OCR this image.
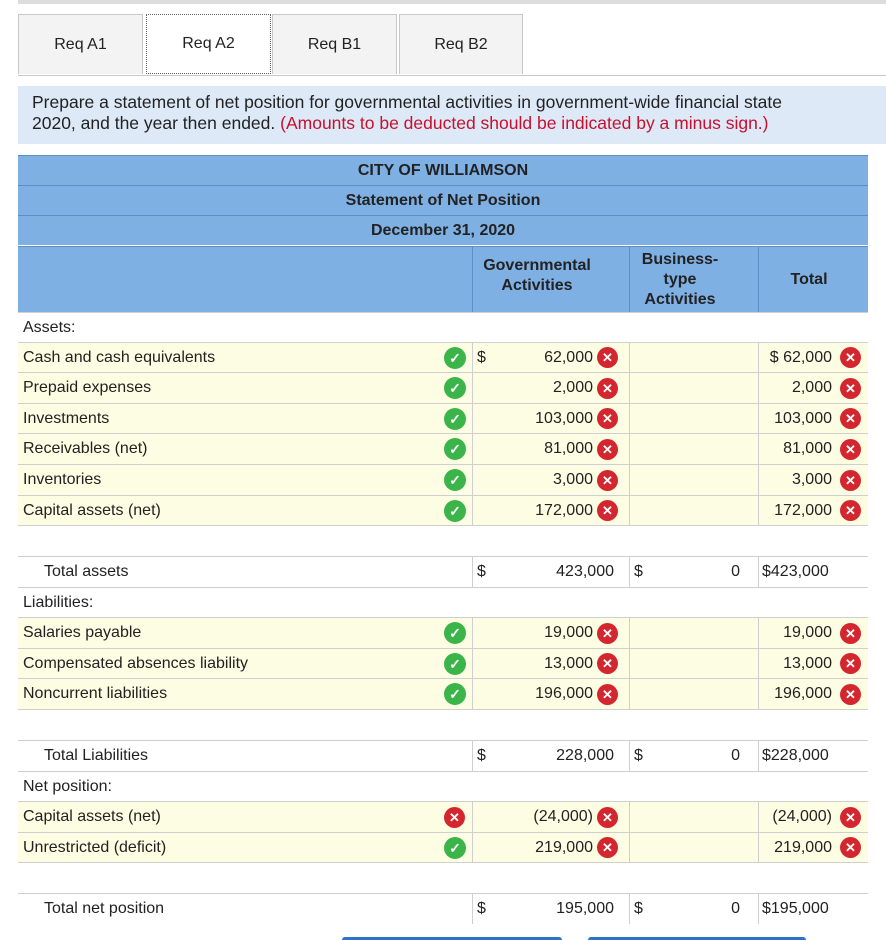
Req A1	Req A2	Req B1	Req B2
Prepare a statement of net position for governmental activities in government-wide financial state
2020, and the year then ended. (Amounts to be deducted should be indicated by a minus sign.)
CITY OF WILLIAMSON
Statement of Net Position
December 31, 2020
Governmental Activities
Business-type Activities
Total
Assets:
Cash and cash equivalents	✓	$	62,000 ✕	$ 62,000	✕
Prepaid expenses	✓	2,000 ✕	2,000	✕
Investments	✓	103,000 ✕	103,000	✕
Receivables (net)	✓	81,000 ✕	81,000	✕
Inventories	✓	3,000 ✕	3,000	✕
Capital assets (net)	✓	172,000 ✕	172,000	✕
Total assets	$	423,000 $	0 $423,000
Liabilities:
Salaries payable	✓	19,000 ✕	19,000	✕
Compensated absences liability	✓	13,000 ✕	13,000	✕
Noncurrent liabilities	✓	196,000 ✕	196,000	✕
Total Liabilities	$	228,000 $	0 $228,000
Net position:
Capital assets (net)	✕	(24,000) ✕	(24,000)	✕
Unrestricted (deficit)	✓	219,000 ✕	219,000	✕
Total net position	$	195,000 $	0 $195,000
